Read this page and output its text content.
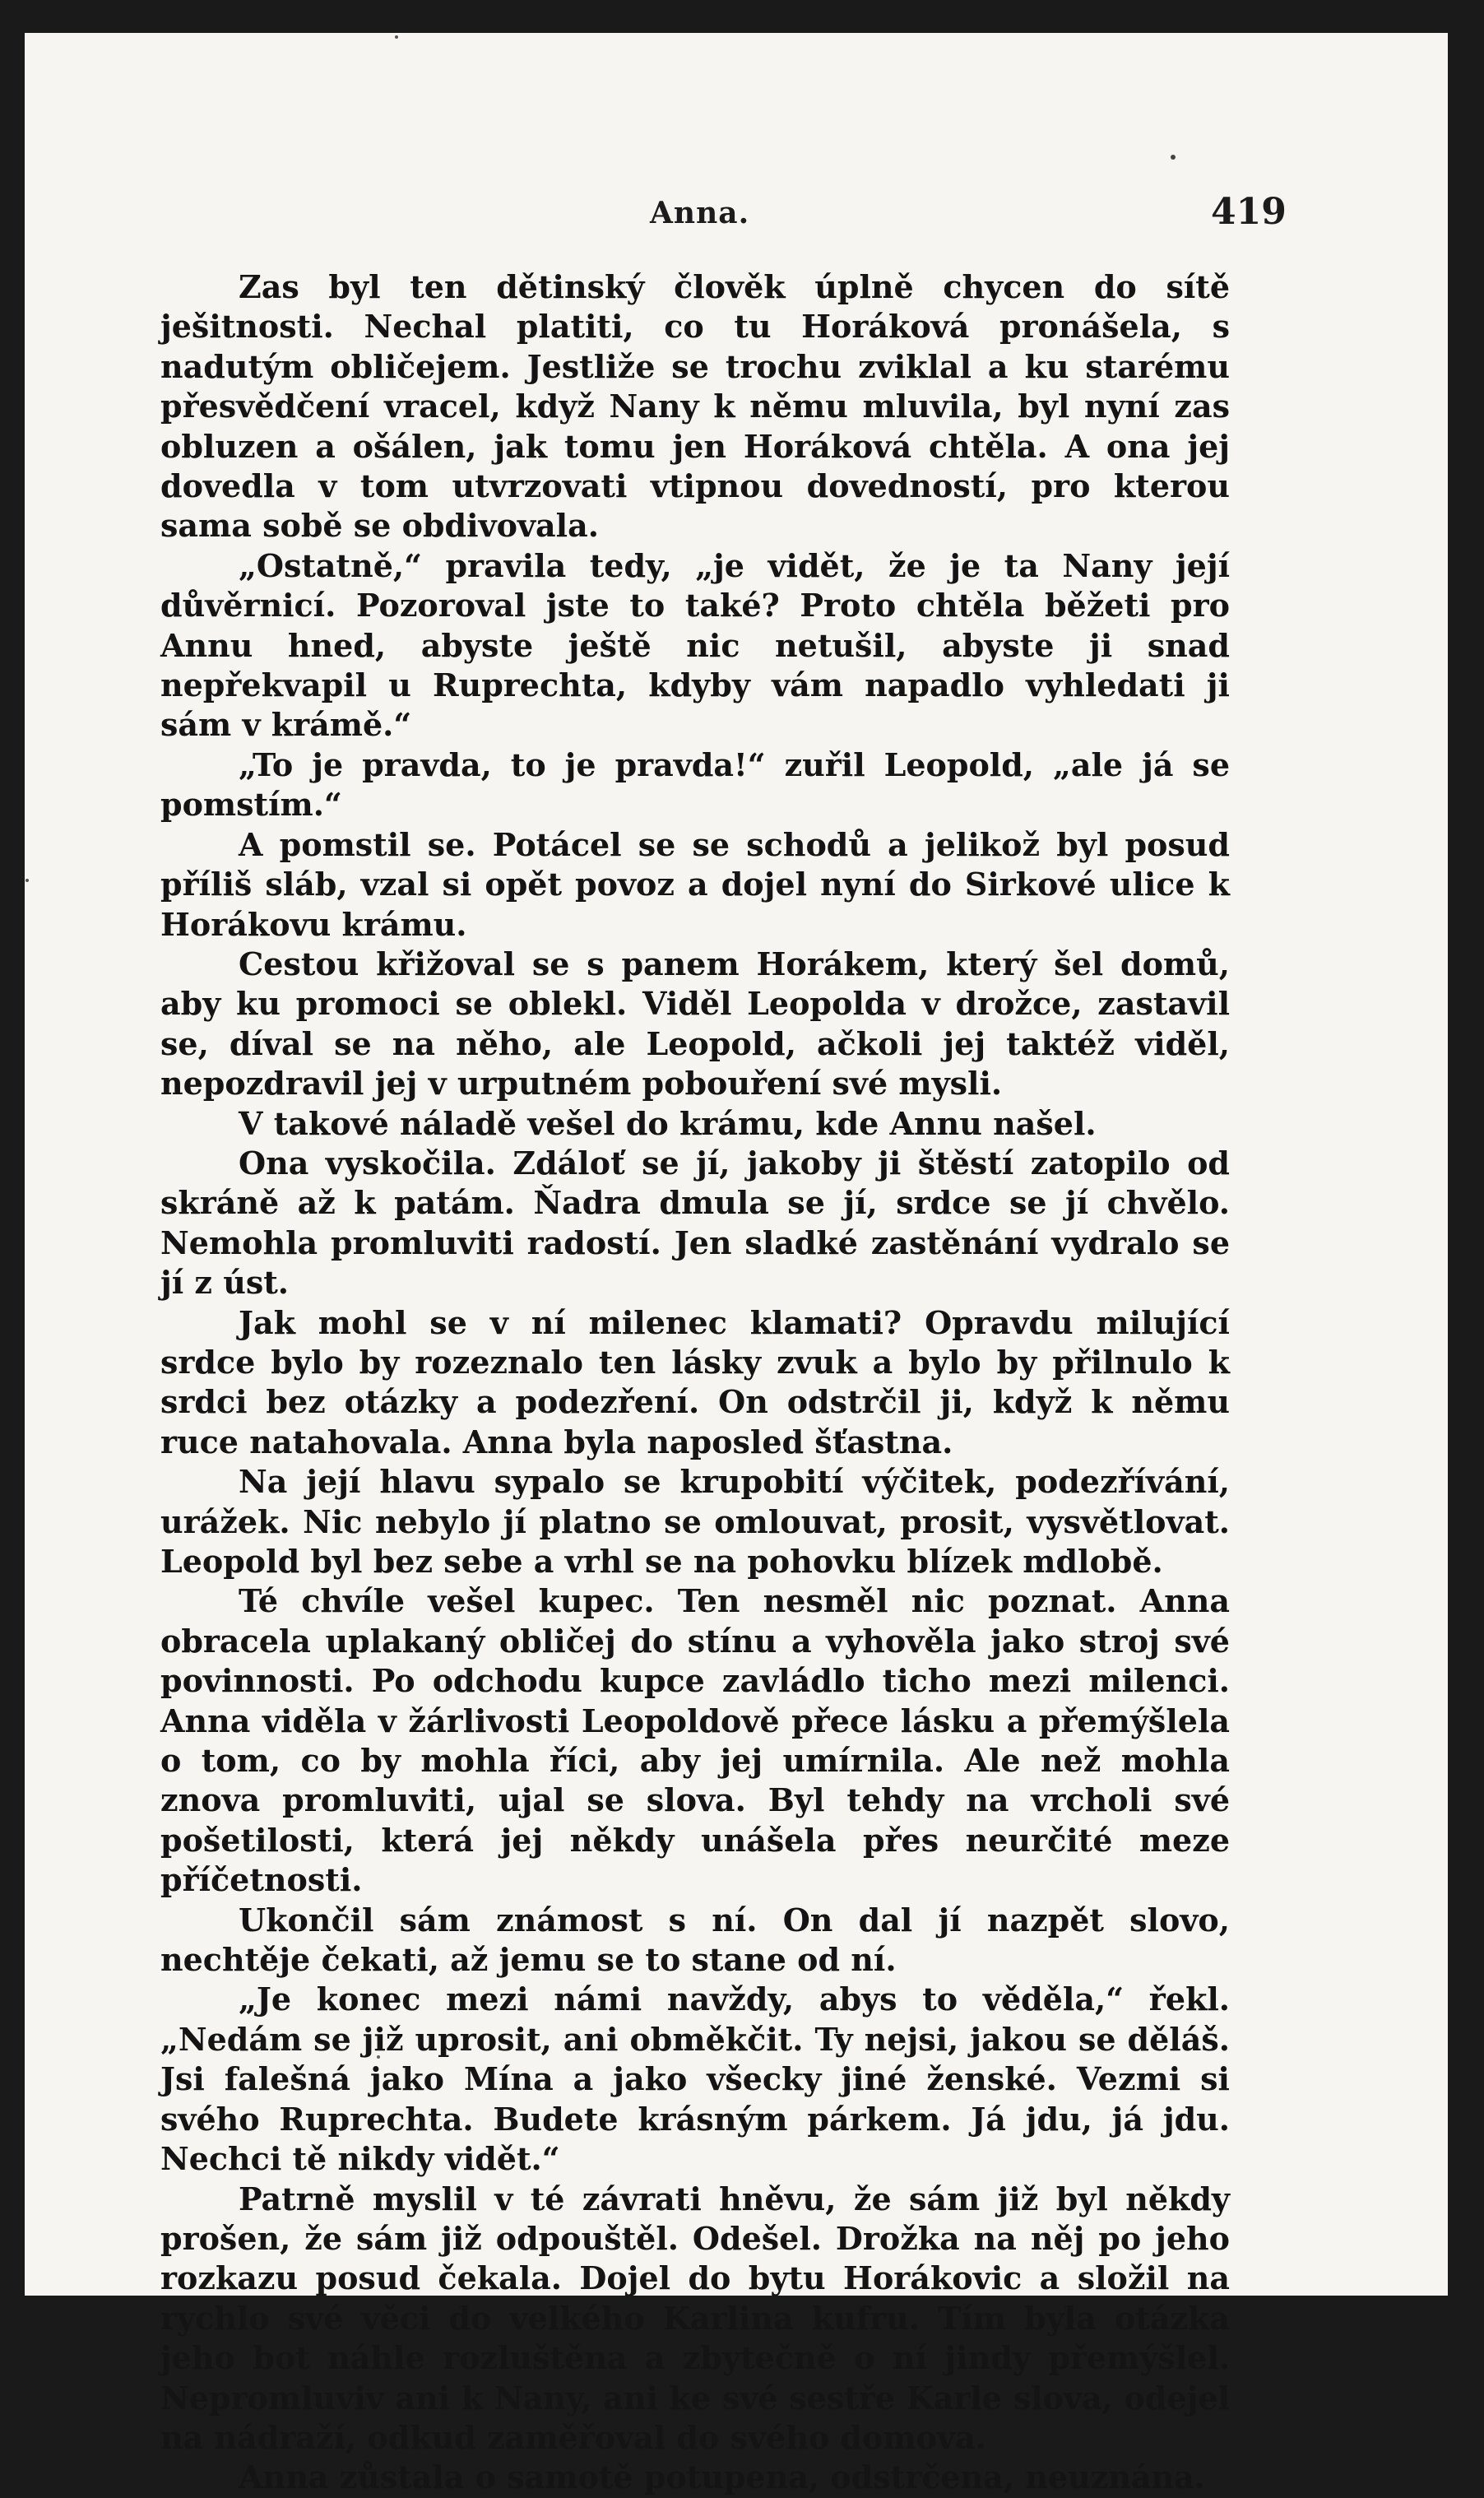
Anna.	419

Zas byl ten dětinský člověk úplně chycen do sítě ješitnosti. Nechal platiti, co tu Horáková pronášela, s nadutým obličejem. Jestliže se trochu zviklal a ku starému přesvědčení vracel, když Nany k němu mluvila, byl nyní zas obluzen a ošálen, jak tomu jen Horáková chtěla. A ona jej dovedla v tom utvrzovati vtipnou dovedností, pro kterou sama sobě se obdivovala.

„Ostatně,“ pravila tedy, „je vidět, že je ta Nany její důvěrnicí. Pozoroval jste to také? Proto chtěla běžeti pro Annu hned, abyste ještě nic netušil, abyste ji snad nepřekvapil u Ruprechta, kdyby vám napadlo vyhledati ji sám v krámě.“

„To je pravda, to je pravda!“ zuřil Leopold, „ale já se pomstím.“

A pomstil se. Potácel se se schodů a jelikož byl posud příliš sláb, vzal si opět povoz a dojel nyní do Sirkové ulice k Horákovu krámu.

Cestou křižoval se s panem Horákem, který šel domů, aby ku promoci se oblekl. Viděl Leopolda v drožce, zastavil se, díval se na něho, ale Leopold, ačkoli jej taktéž viděl, nepozdravil jej v urputném pobouření své mysli.

V takové náladě vešel do krámu, kde Annu našel.

Ona vyskočila. Zdáloť se jí, jakoby ji štěstí zatopilo od skráně až k patám. Ňadra dmula se jí, srdce se jí chvělo. Nemohla promluviti radostí. Jen sladké zastěnání vydralo se jí z úst.

Jak mohl se v ní milenec klamati? Opravdu milující srdce bylo by rozeznalo ten lásky zvuk a bylo by přilnulo k srdci bez otázky a podezření. On odstrčil ji, když k němu ruce natahovala. Anna byla naposled šťastna.

Na její hlavu sypalo se krupobití výčitek, podezřívání, urážek. Nic nebylo jí platno se omlouvat, prosit, vysvětlovat. Leopold byl bez sebe a vrhl se na pohovku blízek mdlobě.

Té chvíle vešel kupec. Ten nesměl nic poznat. Anna obracela uplakaný obličej do stínu a vyhověla jako stroj své povinnosti. Po odchodu kupce zavládlo ticho mezi milenci. Anna viděla v žárlivosti Leopoldově přece lásku a přemýšlela o tom, co by mohla říci, aby jej umírnila. Ale než mohla znova promluviti, ujal se slova. Byl tehdy na vrcholi své pošetilosti, která jej někdy unášela přes neurčité meze příčetnosti.

Ukončil sám známost s ní. On dal jí nazpět slovo, nechtěje čekati, až jemu se to stane od ní.

„Je konec mezi námi navždy, abys to věděla,“ řekl. „Nedám se již uprosit, ani obměkčit. Ty nejsi, jakou se děláš. Jsi falešná jako Mína a jako všecky jiné ženské. Vezmi si svého Ruprechta. Budete krásným párkem. Já jdu, já jdu. Nechci tě nikdy vidět.“

Patrně myslil v té závrati hněvu, že sám již byl někdy prošen, že sám již odpouštěl. Odešel. Drožka na něj po jeho rozkazu posud čekala. Dojel do bytu Horákovic a složil na rychlo své věci do velkého Karlina kufru. Tím byla otázka jeho bot náhle rozluštěna a zbytečně o ní jindy přemýšlel. Nepromluviv ani k Nany, ani ke své sestře Karle slova, odejel na nádraží, odkud zaměřoval do svého domova.

Anna zůstala o samotě potupena, odstrčena, neuznána.
